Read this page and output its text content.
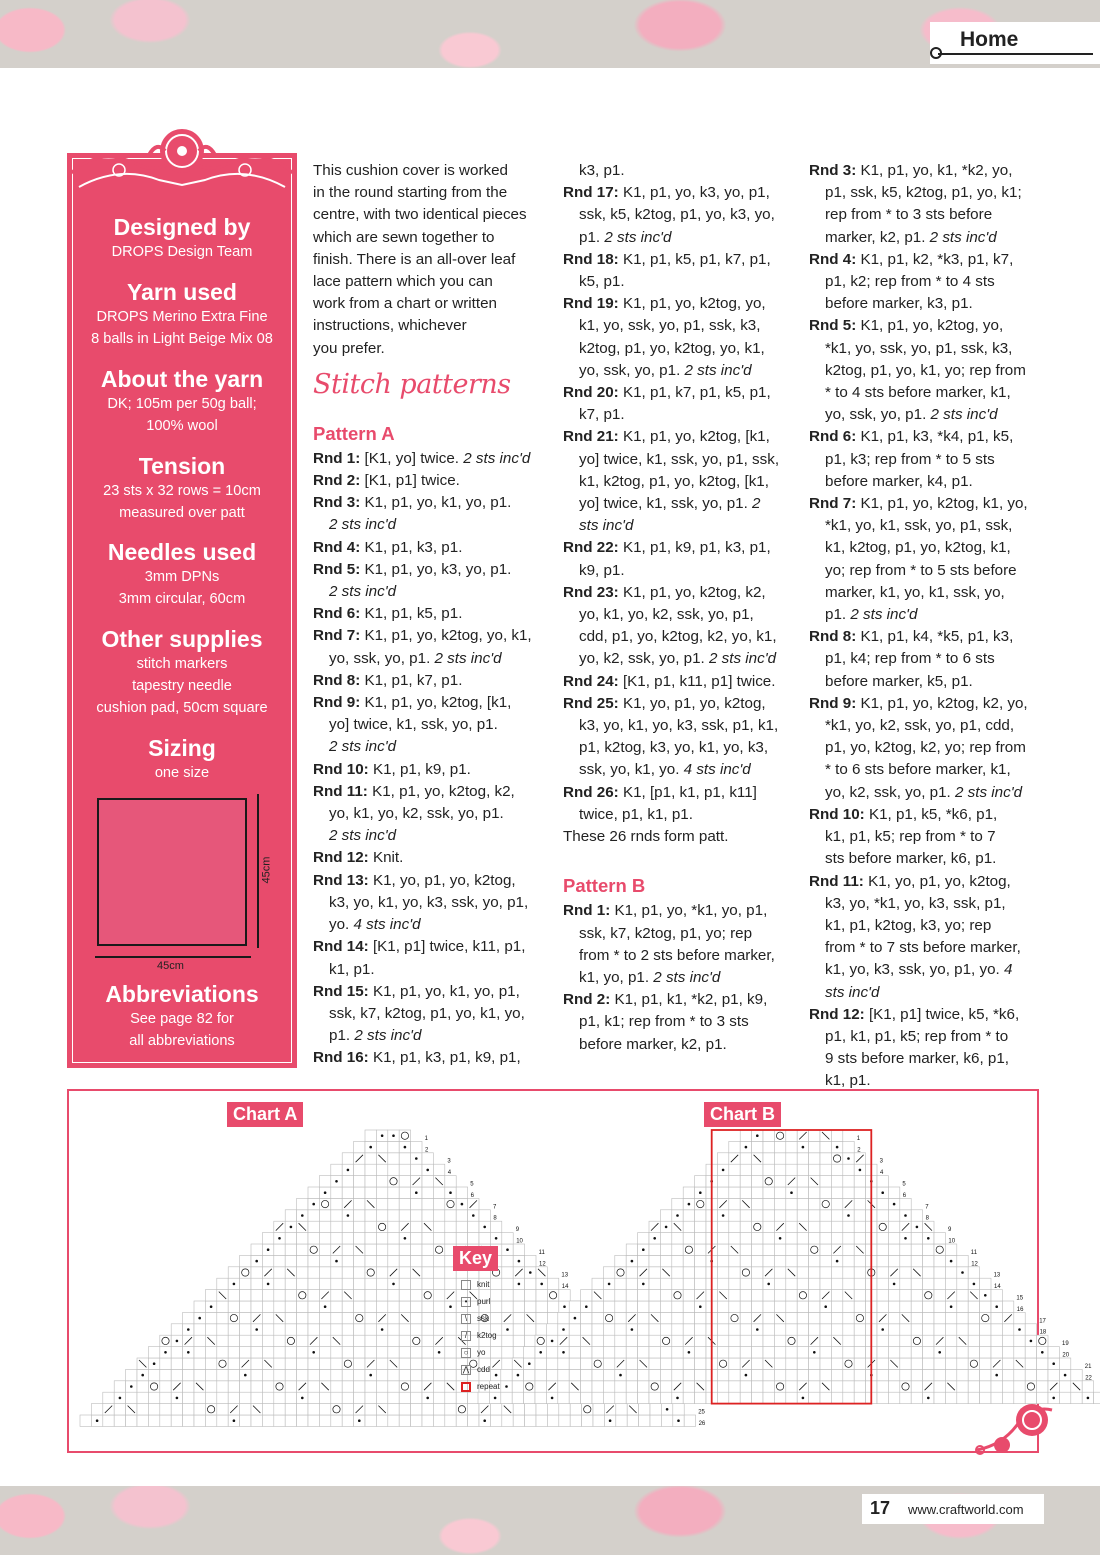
Home
Designed by
DROPS Design Team
Yarn used
DROPS Merino Extra Fine
8 balls in Light Beige Mix 08
About the yarn
DK; 105m per 50g ball;
100% wool
Tension
23 sts x 32 rows = 10cm
measured over patt
Needles used
3mm DPNs
3mm circular, 60cm
Other supplies
stitch markers
tapestry needle
cushion pad, 50cm square
Sizing
one size
45cm
45cm
Abbreviations
See page 82 for
all abbreviations
This cushion cover is worked
in the round starting from the
centre, with two identical pieces
which are sewn together to
finish. There is an all-over leaf
lace pattern which you can
work from a chart or written
instructions, whichever
you prefer.
Stitch patterns
Pattern A
Rnd 1: [K1, yo] twice. 2 sts inc'd
Rnd 2: [K1, p1] twice.
Rnd 3: K1, p1, yo, k1, yo, p1.
2 sts inc'd
Rnd 4: K1, p1, k3, p1.
Rnd 5: K1, p1, yo, k3, yo, p1.
2 sts inc'd
Rnd 6: K1, p1, k5, p1.
Rnd 7: K1, p1, yo, k2tog, yo, k1,
yo, ssk, yo, p1. 2 sts inc'd
Rnd 8: K1, p1, k7, p1.
Rnd 9: K1, p1, yo, k2tog, [k1,
yo] twice, k1, ssk, yo, p1.
2 sts inc'd
Rnd 10: K1, p1, k9, p1.
Rnd 11: K1, p1, yo, k2tog, k2,
yo, k1, yo, k2, ssk, yo, p1.
2 sts inc'd
Rnd 12: Knit.
Rnd 13: K1, yo, p1, yo, k2tog,
k3, yo, k1, yo, k3, ssk, yo, p1,
yo. 4 sts inc'd
Rnd 14: [K1, p1] twice, k11, p1,
k1, p1.
Rnd 15: K1, p1, yo, k1, yo, p1,
ssk, k7, k2tog, p1, yo, k1, yo,
p1. 2 sts inc'd
Rnd 16: K1, p1, k3, p1, k9, p1,
k3, p1.
Rnd 17: K1, p1, yo, k3, yo, p1,
ssk, k5, k2tog, p1, yo, k3, yo,
p1. 2 sts inc'd
Rnd 18: K1, p1, k5, p1, k7, p1,
k5, p1.
Rnd 19: K1, p1, yo, k2tog, yo,
k1, yo, ssk, yo, p1, ssk, k3,
k2tog, p1, yo, k2tog, yo, k1,
yo, ssk, yo, p1. 2 sts inc'd
Rnd 20: K1, p1, k7, p1, k5, p1,
k7, p1.
Rnd 21: K1, p1, yo, k2tog, [k1,
yo] twice, k1, ssk, yo, p1, ssk,
k1, k2tog, p1, yo, k2tog, [k1,
yo] twice, k1, ssk, yo, p1. 2
sts inc'd
Rnd 22: K1, p1, k9, p1, k3, p1,
k9, p1.
Rnd 23: K1, p1, yo, k2tog, k2,
yo, k1, yo, k2, ssk, yo, p1,
cdd, p1, yo, k2tog, k2, yo, k1,
yo, k2, ssk, yo, p1. 2 sts inc'd
Rnd 24: [K1, p1, k11, p1] twice.
Rnd 25: K1, yo, p1, yo, k2tog,
k3, yo, k1, yo, k3, ssk, p1, k1,
p1, k2tog, k3, yo, k1, yo, k3,
ssk, yo, k1, yo. 4 sts inc'd
Rnd 26: K1, [p1, k1, p1, k11]
twice, p1, k1, p1.
These 26 rnds form patt.
Pattern B
Rnd 1: K1, p1, yo, *k1, yo, p1,
ssk, k7, k2tog, p1, yo; rep
from * to 2 sts before marker,
k1, yo, p1. 2 sts inc'd
Rnd 2: K1, p1, k1, *k2, p1, k9,
p1, k1; rep from * to 3 sts
before marker, k2, p1.
Rnd 3: K1, p1, yo, k1, *k2, yo,
p1, ssk, k5, k2tog, p1, yo, k1;
rep from * to 3 sts before
marker, k2, p1. 2 sts inc'd
Rnd 4: K1, p1, k2, *k3, p1, k7,
p1, k2; rep from * to 4 sts
before marker, k3, p1.
Rnd 5: K1, p1, yo, k2tog, yo,
*k1, yo, ssk, yo, p1, ssk, k3,
k2tog, p1, yo, k1, yo; rep from
* to 4 sts before marker, k1,
yo, ssk, yo, p1. 2 sts inc'd
Rnd 6: K1, p1, k3, *k4, p1, k5,
p1, k3; rep from * to 5 sts
before marker, k4, p1.
Rnd 7: K1, p1, yo, k2tog, k1, yo,
*k1, yo, k1, ssk, yo, p1, ssk,
k1, k2tog, p1, yo, k2tog, k1,
yo; rep from * to 5 sts before
marker, k1, yo, k1, ssk, yo,
p1. 2 sts inc'd
Rnd 8: K1, p1, k4, *k5, p1, k3,
p1, k4; rep from * to 6 sts
before marker, k5, p1.
Rnd 9: K1, p1, yo, k2tog, k2, yo,
*k1, yo, k2, ssk, yo, p1, cdd,
p1, yo, k2tog, k2, yo; rep from
* to 6 sts before marker, k1,
yo, k2, ssk, yo, p1. 2 sts inc'd
Rnd 10: K1, p1, k5, *k6, p1,
k1, p1, k5; rep from * to 7
sts before marker, k6, p1.
Rnd 11: K1, yo, p1, yo, k2tog,
k3, yo, *k1, yo, k3, ssk, p1,
k1, p1, k2tog, k3, yo; rep
from * to 7 sts before marker,
k1, yo, k3, ssk, yo, p1, yo. 4
sts inc'd
Rnd 12: [K1, p1] twice, k5, *k6,
p1, k1, p1, k5; rep from * to
9 sts before marker, k6, p1,
k1, p1.
Chart A	Chart B
26
25
14
13
12
11
10
9
8
7
6
5
4
3
2
1
22
21
20
19
18
17
16
15
14
13
12
11
10
9
8
7
6
5
4
3
2
1
Key
knit
• purl
\ ssk
/ k2tog
○ yo
⋀ cdd
repeat
17 www.craftworld.com
